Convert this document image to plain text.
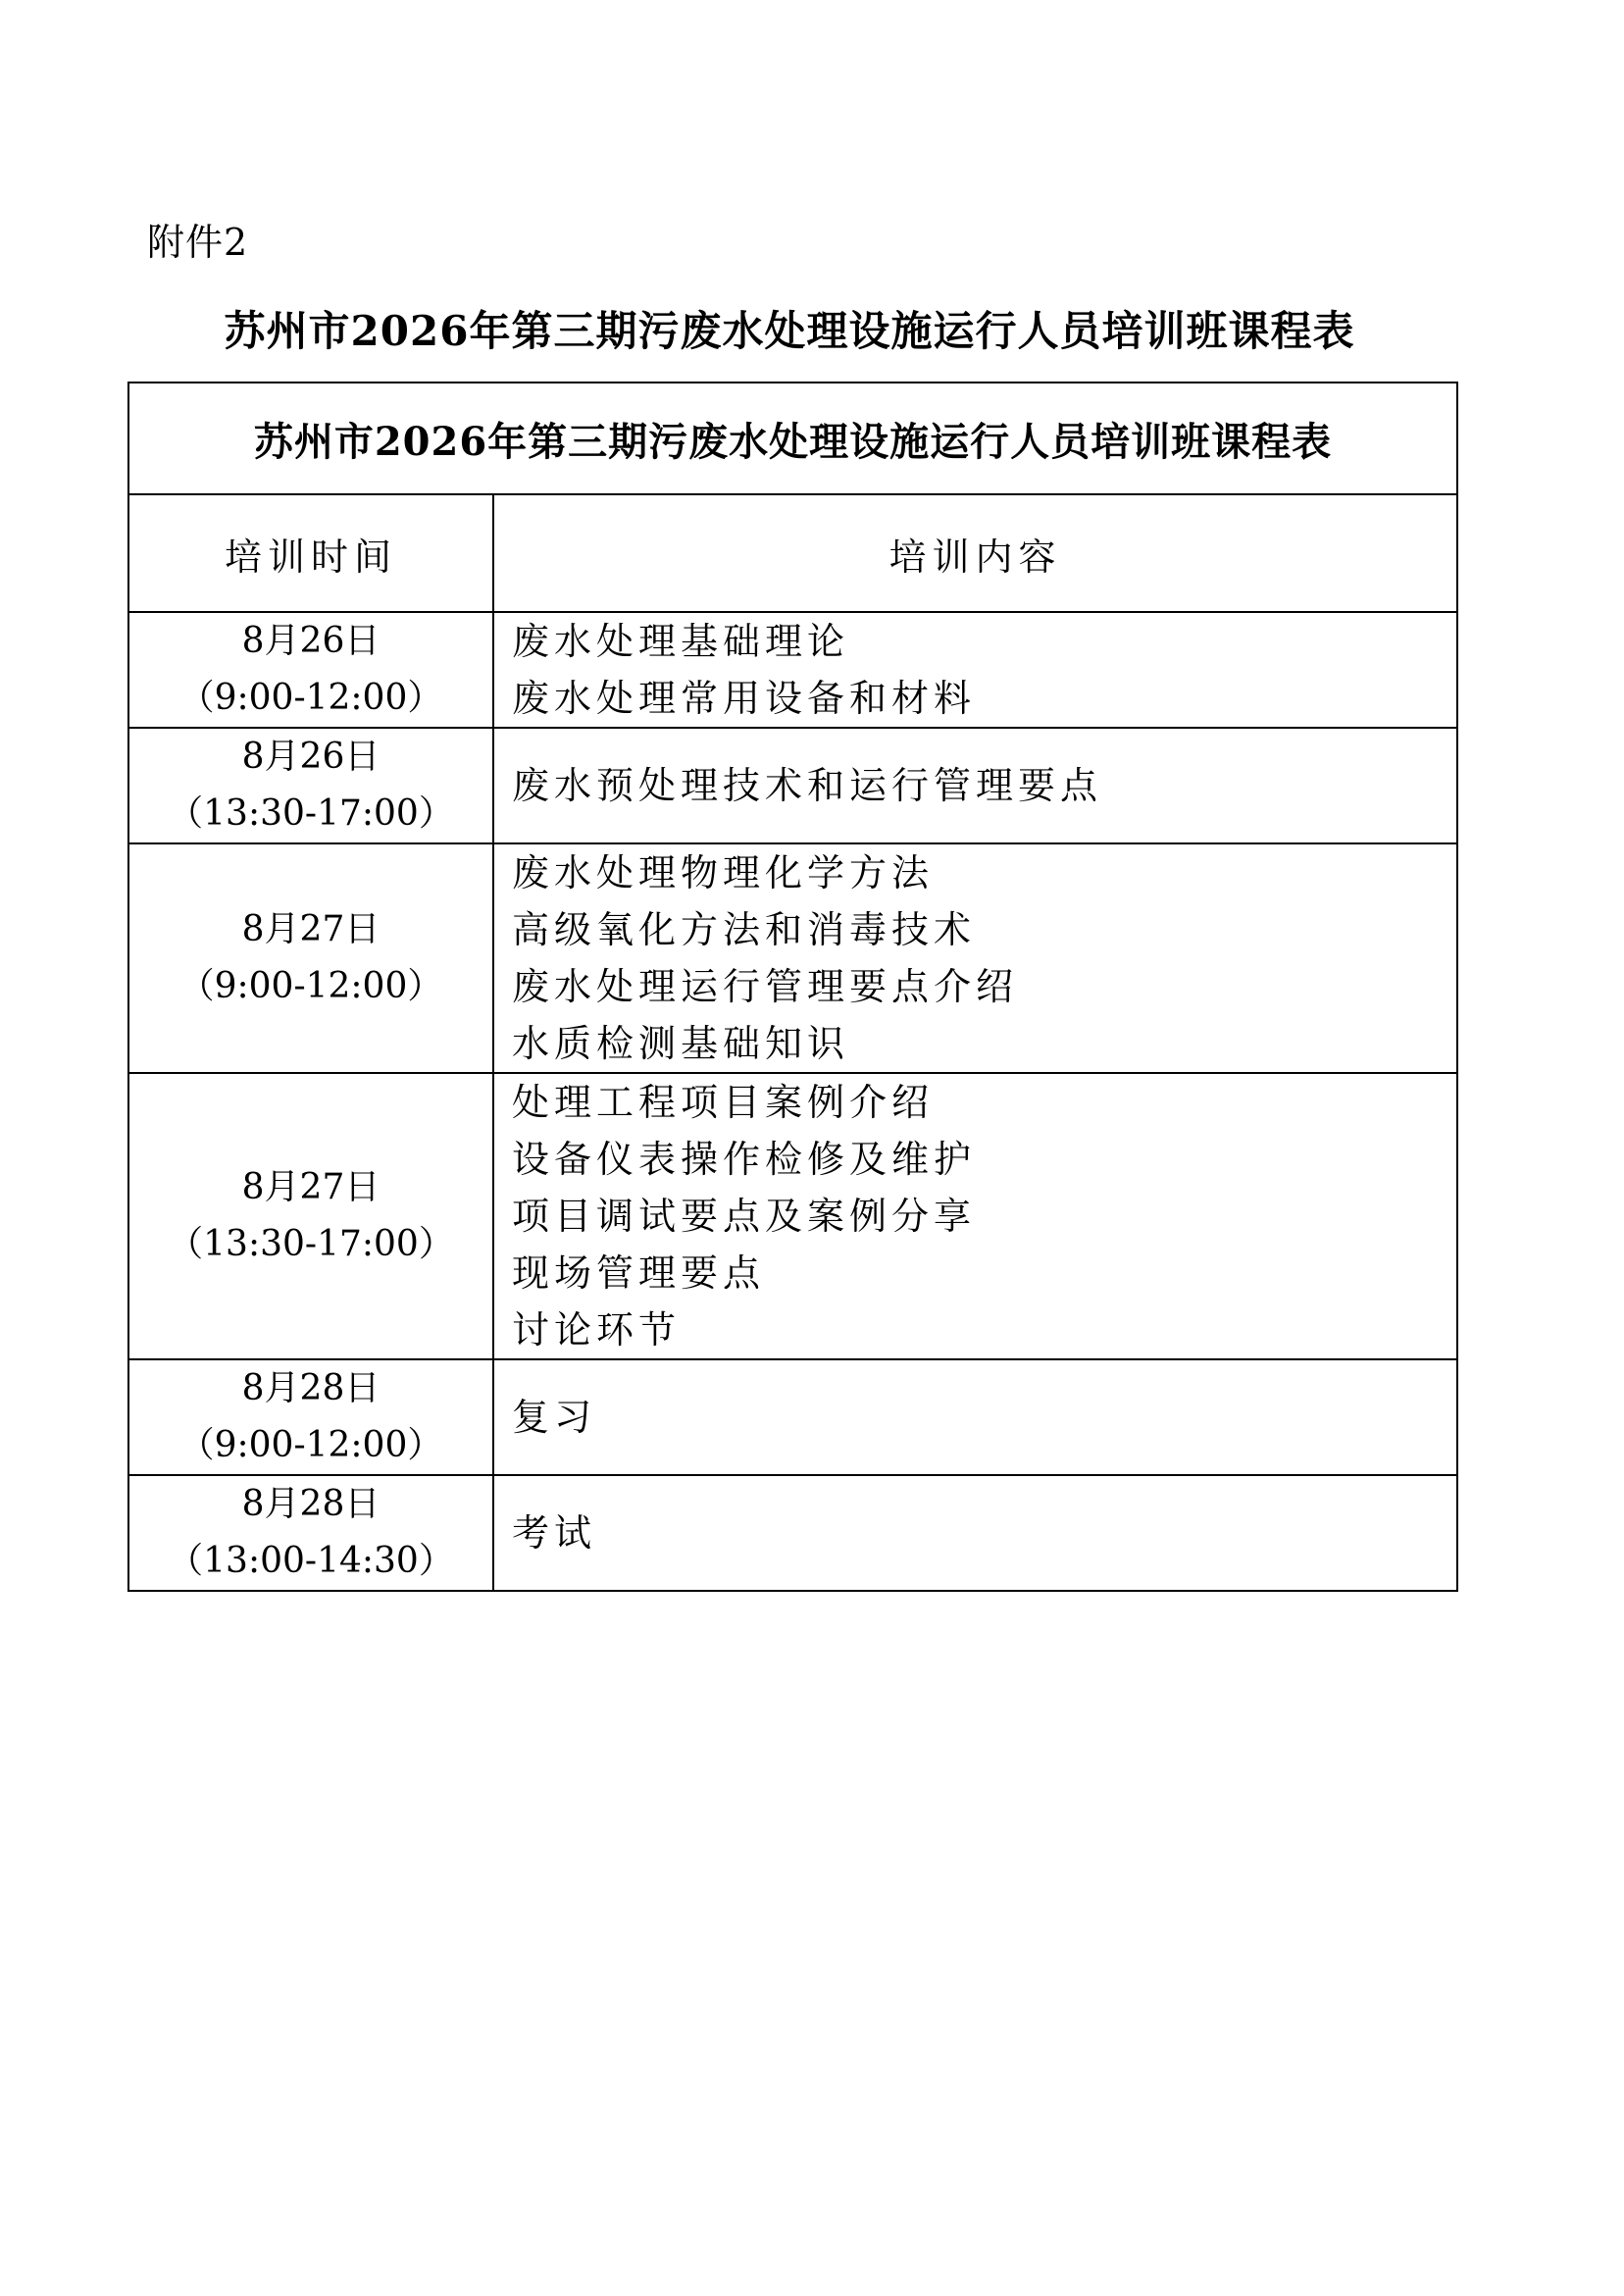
附件2
苏州市2026年第三期污废水处理设施运行人员培训班课程表
苏州市2026年第三期污废水处理设施运行人员培训班课程表	
培训时间	培训内容

8月26日
（9:00-12:00）	废水处理基础理论
废水处理常用设备和材料

8月26日
（13:30-17:00）	废水预处理技术和运行管理要点

8月27日
（9:00-12:00）	废水处理物理化学方法
高级氧化方法和消毒技术
废水处理运行管理要点介绍
水质检测基础知识

8月27日
（13:30-17:00）	处理工程项目案例介绍
设备仪表操作检修及维护
项目调试要点及案例分享
现场管理要点
讨论环节

8月28日
（9:00-12:00）	复习

8月28日
（13:00-14:30）	考试
